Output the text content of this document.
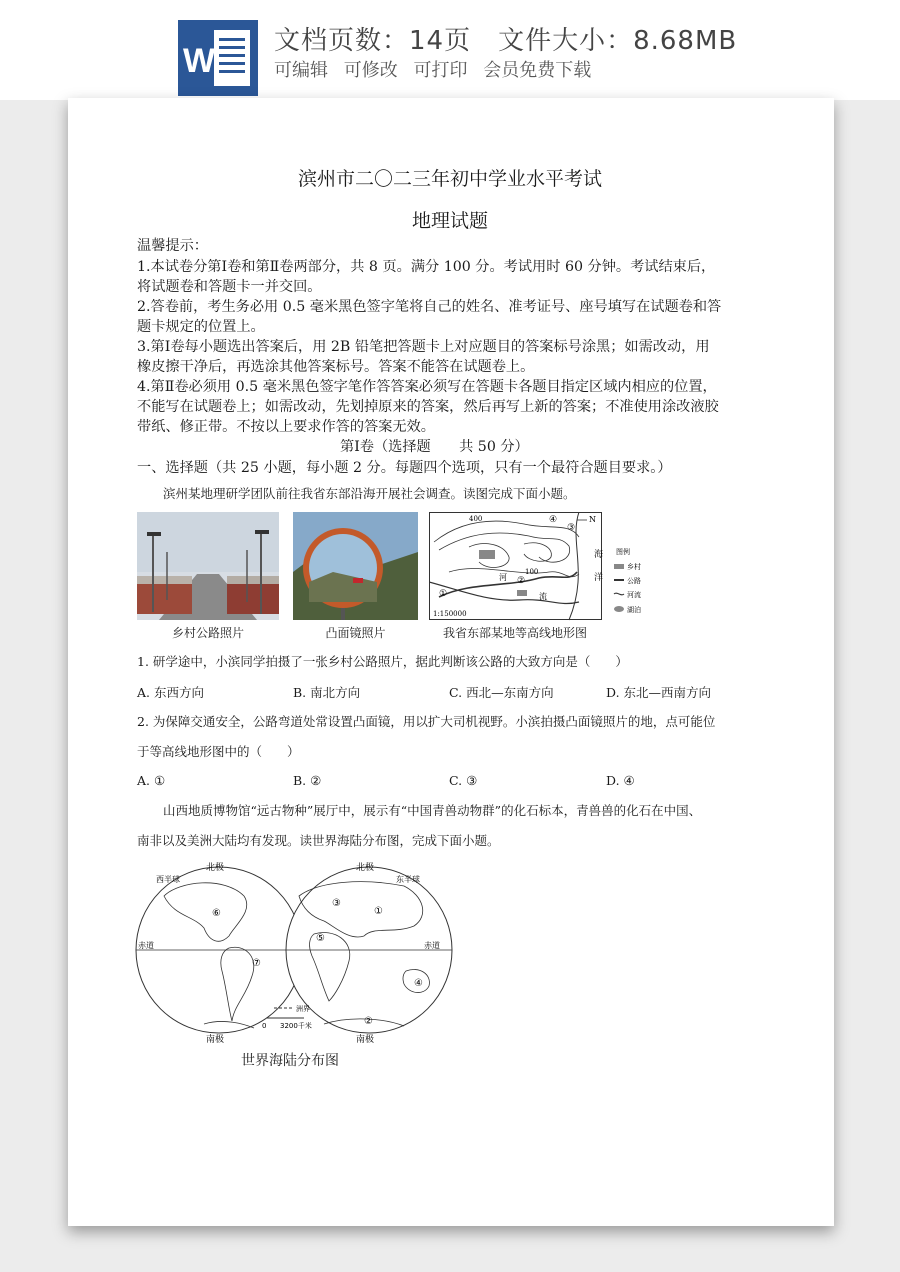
W
文档页数：14页　文件大小：8.68MB
可编辑 可修改 可打印 会员免费下载
滨州市二〇二三年初中学业水平考试
地理试题
温馨提示：
1.本试卷分第Ⅰ卷和第Ⅱ卷两部分，共 8 页。满分 100 分。考试用时 60 分钟。考试结束后，
将试题卷和答题卡一并交回。
2.答卷前，考生务必用 0.5 毫米黑色签字笔将自己的姓名、准考证号、座号填写在试题卷和答
题卡规定的位置上。
3.第Ⅰ卷每小题选出答案后，用 2B 铅笔把答题卡上对应题目的答案标号涂黑；如需改动，用
橡皮擦干净后，再选涂其他答案标号。答案不能答在试题卷上。
4.第Ⅱ卷必须用 0.5 毫米黑色签字笔作答答案必须写在答题卡各题目指定区域内相应的位置，
不能写在试题卷上；如需改动，先划掉原来的答案，然后再写上新的答案；不准使用涂改液胶
带纸、修正带。不按以上要求作答的答案无效。
第Ⅰ卷（选择题　　共 50 分）
一、选择题（共 25 小题，每小题 2 分。每题四个选项，只有一个最符合题目要求。）
滨州某地理研学团队前往我省东部沿海开展社会调查。读图完成下面小题。
乡村公路照片	凸面镜照片
400
100
河
流
海
洋
N
①
②
③
④
1:150000
图例
乡村
公路
河流
湖泊
我省东部某地等高线地形图
1. 研学途中，小滨同学拍摄了一张乡村公路照片，据此判断该公路的大致方向是（　　）
A. 东西方向	B. 南北方向	C. 西北—东南方向	D. 东北—西南方向
2. 为保障交通安全，公路弯道处常设置凸面镜，用以扩大司机视野。小滨拍摄凸面镜照片的地，点可能位
于等高线地形图中的（　　）
A. ①	B. ②	C. ③	D. ④
山西地质博物馆“远古物种”展厅中，展示有“中国青兽动物群”的化石标本，青兽兽的化石在中国、
南非以及美洲大陆均有发现。读世界海陆分布图，完成下面小题。
西半球
北极	北极
东半球
赤道	赤道
南极	南极
⑥
⑦
③
⑤
①
④
②
洲界
0 3200千米
世界海陆分布图
